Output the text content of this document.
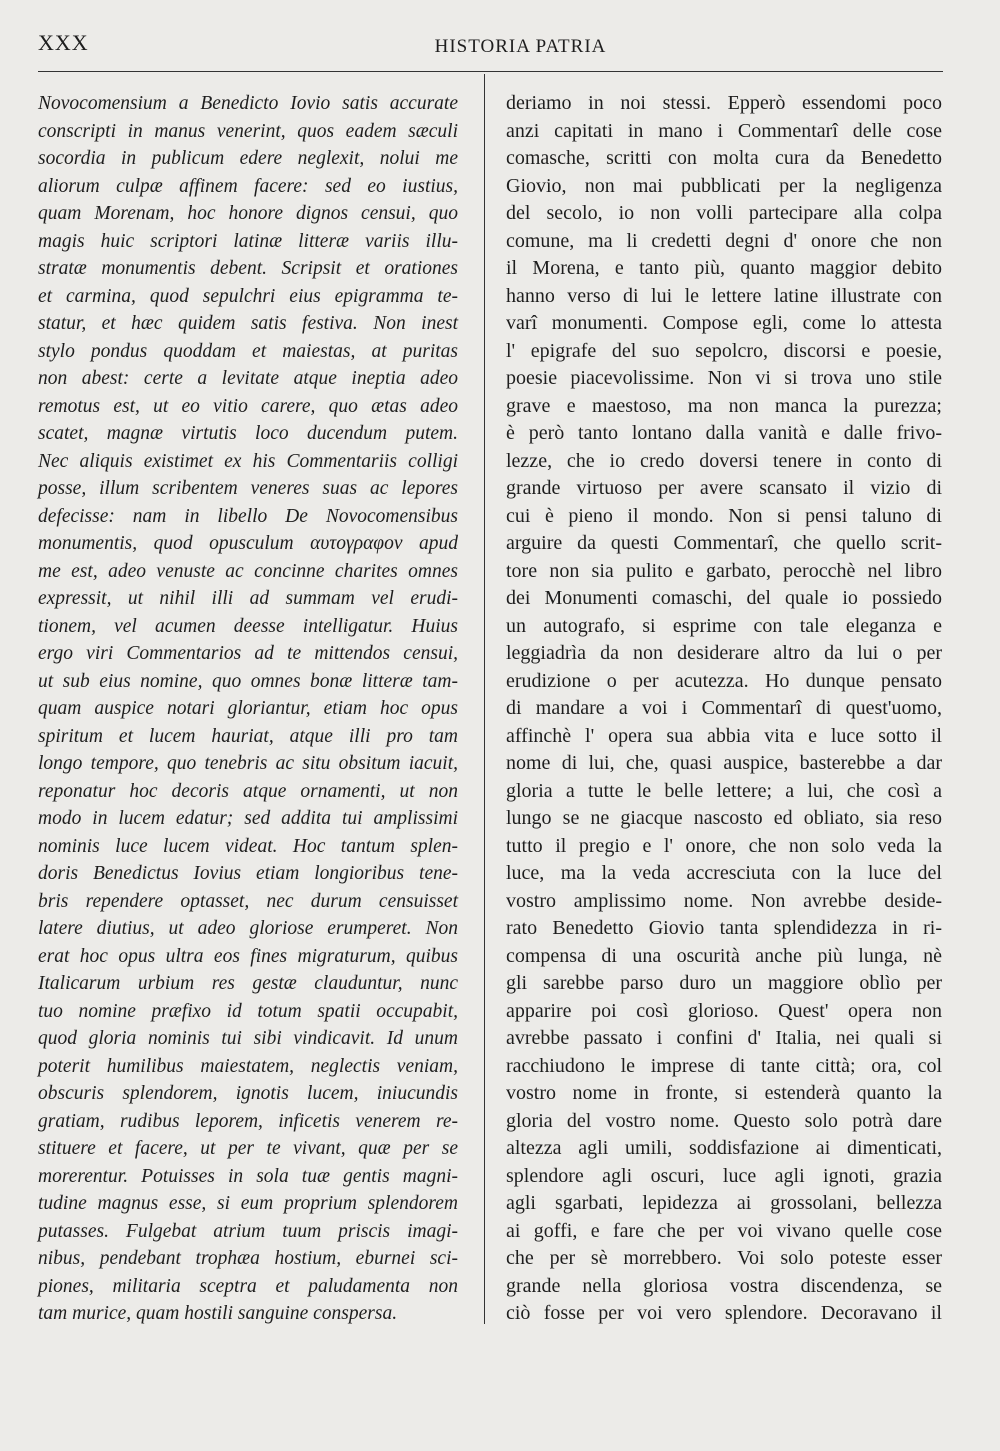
XXX	HISTORIA PATRIA
Novocomensium a Benedicto Iovio satis accurate
conscripti in manus venerint, quos eadem sæculi
socordia in publicum edere neglexit, nolui me
aliorum culpæ affinem facere: sed eo iustius,
quam Morenam, hoc honore dignos censui, quo
magis huic scriptori latinæ litteræ variis illu-
stratæ monumentis debent. Scripsit et orationes
et carmina, quod sepulchri eius epigramma te-
statur, et hæc quidem satis festiva. Non inest
stylo pondus quoddam et maiestas, at puritas
non abest: certe a levitate atque ineptia adeo
remotus est, ut eo vitio carere, quo ætas adeo
scatet, magnæ virtutis loco ducendum putem.
Nec aliquis existimet ex his Commentariis colligi
posse, illum scribentem veneres suas ac lepores
defecisse: nam in libello De Novocomensibus
monumentis, quod opusculum αυτογραφον apud
me est, adeo venuste ac concinne charites omnes
expressit, ut nihil illi ad summam vel erudi-
tionem, vel acumen deesse intelligatur. Huius
ergo viri Commentarios ad te mittendos censui,
ut sub eius nomine, quo omnes bonæ litteræ tam-
quam auspice notari gloriantur, etiam hoc opus
spiritum et lucem hauriat, atque illi pro tam
longo tempore, quo tenebris ac situ obsitum iacuit,
reponatur hoc decoris atque ornamenti, ut non
modo in lucem edatur; sed addita tui amplissimi
nominis luce lucem videat. Hoc tantum splen-
doris Benedictus Iovius etiam longioribus tene-
bris rependere optasset, nec durum censuisset
latere diutius, ut adeo gloriose erumperet. Non
erat hoc opus ultra eos fines migraturum, quibus
Italicarum urbium res gestæ clauduntur, nunc
tuo nomine præfixo id totum spatii occupabit,
quod gloria nominis tui sibi vindicavit. Id unum
poterit humilibus maiestatem, neglectis veniam,
obscuris splendorem, ignotis lucem, iniucundis
gratiam, rudibus leporem, inficetis venerem re-
stituere et facere, ut per te vivant, quæ per se
morerentur. Potuisses in sola tuæ gentis magni-
tudine magnus esse, si eum proprium splendorem
putasses. Fulgebat atrium tuum priscis imagi-
nibus, pendebant trophæa hostium, eburnei sci-
piones, militaria sceptra et paludamenta non
tam murice, quam hostili sanguine conspersa.
deriamo in noi stessi. Epperò essendomi poco
anzi capitati in mano i Commentarî delle cose
comasche, scritti con molta cura da Benedetto
Giovio, non mai pubblicati per la negligenza
del secolo, io non volli partecipare alla colpa
comune, ma li credetti degni d' onore che non
il Morena, e tanto più, quanto maggior debito
hanno verso di lui le lettere latine illustrate con
varî monumenti. Compose egli, come lo attesta
l' epigrafe del suo sepolcro, discorsi e poesie,
poesie piacevolissime. Non vi si trova uno stile
grave e maestoso, ma non manca la purezza;
è però tanto lontano dalla vanità e dalle frivo-
lezze, che io credo doversi tenere in conto di
grande virtuoso per avere scansato il vizio di
cui è pieno il mondo. Non si pensi taluno di
arguire da questi Commentarî, che quello scrit-
tore non sia pulito e garbato, perocchè nel libro
dei Monumenti comaschi, del quale io possiedo
un autografo, si esprime con tale eleganza e
leggiadrìa da non desiderare altro da lui o per
erudizione o per acutezza. Ho dunque pensato
di mandare a voi i Commentarî di quest'uomo,
affinchè l' opera sua abbia vita e luce sotto il
nome di lui, che, quasi auspice, basterebbe a dar
gloria a tutte le belle lettere; a lui, che così a
lungo se ne giacque nascosto ed obliato, sia reso
tutto il pregio e l' onore, che non solo veda la
luce, ma la veda accresciuta con la luce del
vostro amplissimo nome. Non avrebbe deside-
rato Benedetto Giovio tanta splendidezza in ri-
compensa di una oscurità anche più lunga, nè
gli sarebbe parso duro un maggiore oblìo per
apparire poi così glorioso. Quest' opera non
avrebbe passato i confini d' Italia, nei quali si
racchiudono le imprese di tante città; ora, col
vostro nome in fronte, si estenderà quanto la
gloria del vostro nome. Questo solo potrà dare
altezza agli umili, soddisfazione ai dimenticati,
splendore agli oscuri, luce agli ignoti, grazia
agli sgarbati, lepidezza ai grossolani, bellezza
ai goffi, e fare che per voi vivano quelle cose
che per sè morrebbero. Voi solo poteste esser
grande nella gloriosa vostra discendenza, se
ciò fosse per voi vero splendore. Decoravano il
